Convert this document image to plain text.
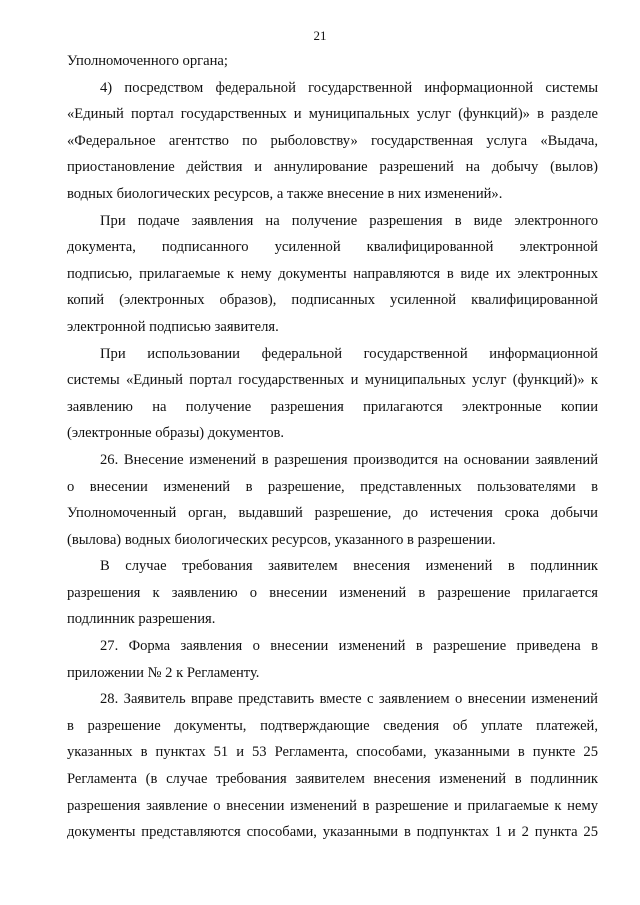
21
Уполномоченного органа;
4) посредством федеральной государственной информационной системы
«Единый портал государственных и муниципальных услуг (функций)» в разделе
«Федеральное агентство по рыболовству» государственная услуга «Выдача,
приостановление действия и аннулирование разрешений на добычу (вылов)
водных биологических ресурсов, а также внесение в них изменений».
При подаче заявления на получение разрешения в виде электронного
документа, подписанного усиленной квалифицированной электронной
подписью, прилагаемые к нему документы направляются в виде их электронных
копий (электронных образов), подписанных усиленной квалифицированной
электронной подписью заявителя.
При использовании федеральной государственной информационной
системы «Единый портал государственных и муниципальных услуг (функций)» к
заявлению на получение разрешения прилагаются электронные копии
(электронные образы) документов.
26. Внесение изменений в разрешения производится на основании заявлений
о внесении изменений в разрешение, представленных пользователями в
Уполномоченный орган, выдавший разрешение, до истечения срока добычи
(вылова) водных биологических ресурсов, указанного в разрешении.
В случае требования заявителем внесения изменений в подлинник
разрешения к заявлению о внесении изменений в разрешение прилагается
подлинник разрешения.
27. Форма заявления о внесении изменений в разрешение приведена в
приложении № 2 к Регламенту.
28. Заявитель вправе представить вместе с заявлением о внесении изменений
в разрешение документы, подтверждающие сведения об уплате платежей,
указанных в пунктах 51 и 53 Регламента, способами, указанными в пункте 25
Регламента (в случае требования заявителем внесения изменений в подлинник
разрешения заявление о внесении изменений в разрешение и прилагаемые к нему
документы представляются способами, указанными в подпунктах 1 и 2 пункта 25
